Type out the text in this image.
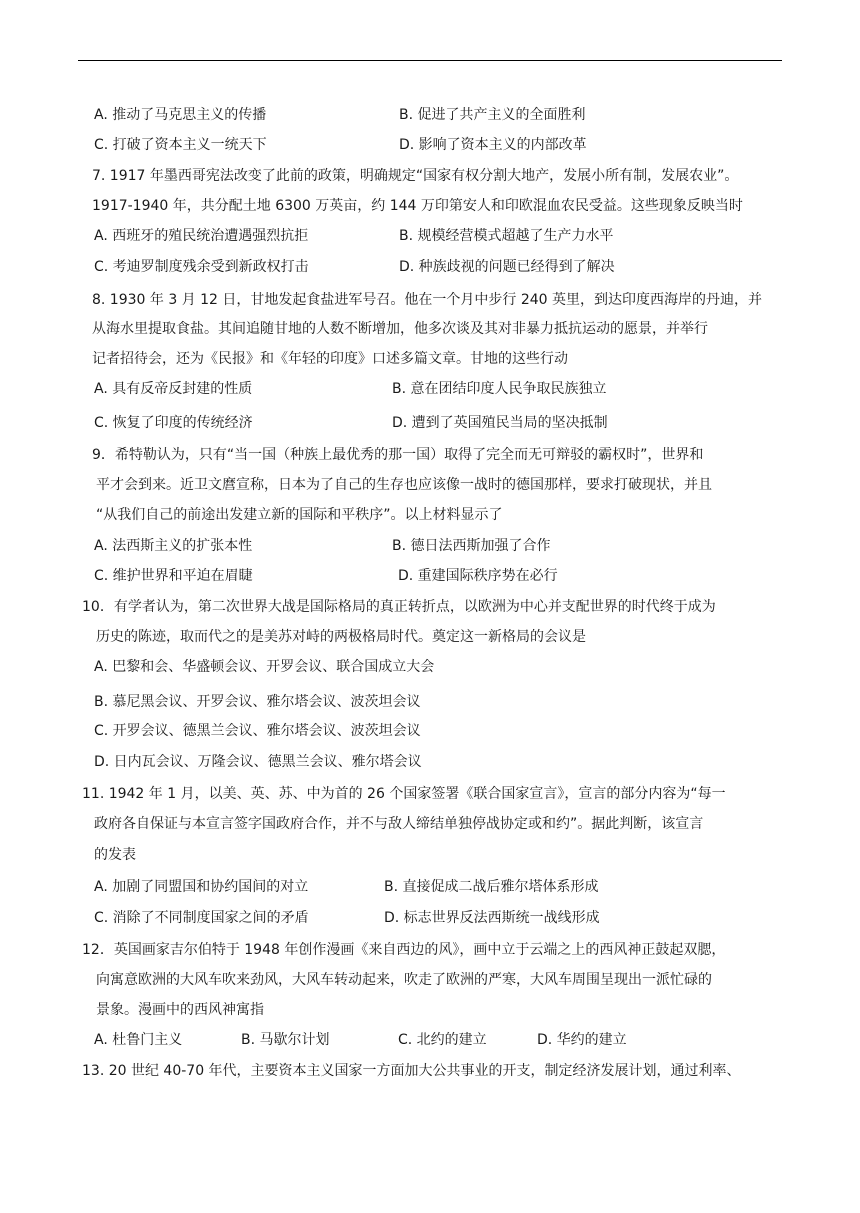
A. 推动了马克思主义的传播	B. 促进了共产主义的全面胜利
C. 打破了资本主义一统天下	D. 影响了资本主义的内部改革
7. 1917 年墨西哥宪法改变了此前的政策，明确规定“国家有权分割大地产，发展小所有制，发展农业”。
1917-1940 年，共分配土地 6300 万英亩，约 144 万印第安人和印欧混血农民受益。这些现象反映当时
A. 西班牙的殖民统治遭遇强烈抗拒	B. 规模经营模式超越了生产力水平
C. 考迪罗制度残余受到新政权打击	D. 种族歧视的问题已经得到了解决
8. 1930 年 3 月 12 日，甘地发起食盐进军号召。他在一个月中步行 240 英里，到达印度西海岸的丹迪，并
从海水里提取食盐。其间追随甘地的人数不断增加，他多次谈及其对非暴力抵抗运动的愿景，并举行
记者招待会，还为《民报》和《年轻的印度》口述多篇文章。甘地的这些行动
A. 具有反帝反封建的性质	B. 意在团结印度人民争取民族独立
C. 恢复了印度的传统经济	D. 遭到了英国殖民当局的坚决抵制
9．希特勒认为，只有“当一国（种族上最优秀的那一国）取得了完全而无可辩驳的霸权时”，世界和
平才会到来。近卫文麿宣称，日本为了自己的生存也应该像一战时的德国那样，要求打破现状，并且
“从我们自己的前途出发建立新的国际和平秩序”。以上材料显示了
A. 法西斯主义的扩张本性	B. 德日法西斯加强了合作
C. 维护世界和平迫在眉睫	D. 重建国际秩序势在必行
10．有学者认为，第二次世界大战是国际格局的真正转折点，以欧洲为中心并支配世界的时代终于成为
历史的陈迹，取而代之的是美苏对峙的两极格局时代。奠定这一新格局的会议是
A. 巴黎和会、华盛顿会议、开罗会议、联合国成立大会
B. 慕尼黑会议、开罗会议、雅尔塔会议、波茨坦会议
C. 开罗会议、德黑兰会议、雅尔塔会议、波茨坦会议
D. 日内瓦会议、万隆会议、德黑兰会议、雅尔塔会议
11. 1942 年 1 月，以美、英、苏、中为首的 26 个国家签署《联合国家宣言》，宣言的部分内容为“每一
政府各自保证与本宣言签字国政府合作，并不与敌人缔结单独停战协定或和约”。据此判断，该宣言
的发表
A. 加剧了同盟国和协约国间的对立	B. 直接促成二战后雅尔塔体系形成
C. 消除了不同制度国家之间的矛盾	D. 标志世界反法西斯统一战线形成
12．英国画家吉尔伯特于 1948 年创作漫画《来自西边的风》，画中立于云端之上的西风神正鼓起双腮，
向寓意欧洲的大风车吹来劲风，大风车转动起来，吹走了欧洲的严寒，大风车周围呈现出一派忙碌的
景象。漫画中的西风神寓指
A. 杜鲁门主义	B. 马歇尔计划	C. 北约的建立	D. 华约的建立
13. 20 世纪 40-70 年代，主要资本主义国家一方面加大公共事业的开支，制定经济发展计划，通过利率、
